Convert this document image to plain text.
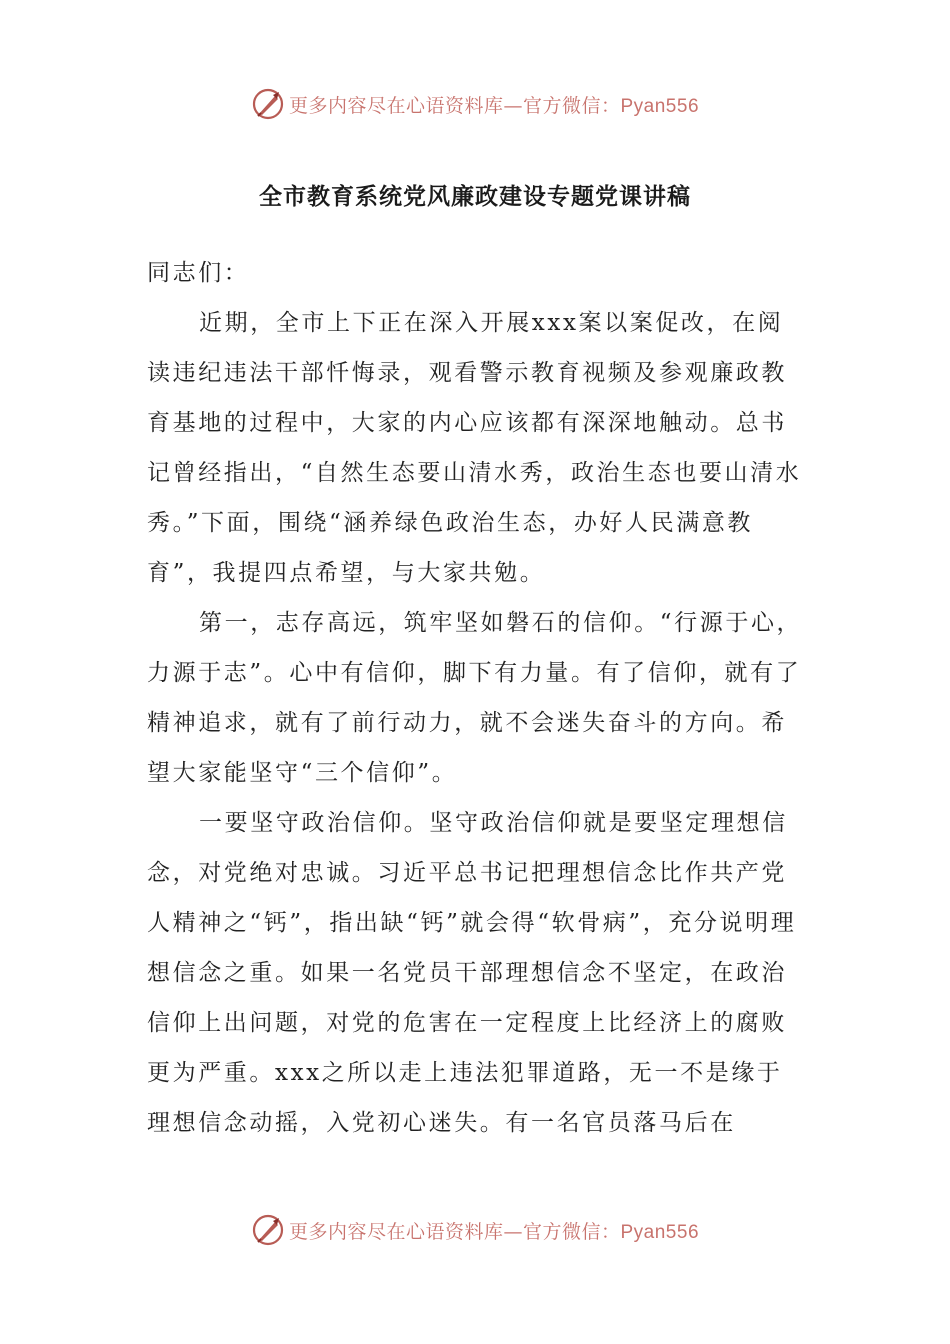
更多内容尽在心语资料库—官方微信：Pyan556
全市教育系统党风廉政建设专题党课讲稿

同志们：

近期，全市上下正在深入开展xxx案以案促改，在阅读违纪违法干部忏悔录，观看警示教育视频及参观廉政教育基地的过程中，大家的内心应该都有深深地触动。总书记曾经指出，“自然生态要山清水秀，政治生态也要山清水秀。”下面，围绕“涵养绿色政治生态，办好人民满意教育”，我提四点希望，与大家共勉。

第一，志存高远，筑牢坚如磐石的信仰。“行源于心，力源于志”。心中有信仰，脚下有力量。有了信仰，就有了精神追求，就有了前行动力，就不会迷失奋斗的方向。希望大家能坚守“三个信仰”。

一要坚守政治信仰。坚守政治信仰就是要坚定理想信念，对党绝对忠诚。习近平总书记把理想信念比作共产党人精神之“钙”，指出缺“钙”就会得“软骨病”，充分说明理想信念之重。如果一名党员干部理想信念不坚定，在政治信仰上出问题，对党的危害在一定程度上比经济上的腐败更为严重。xxx之所以走上违法犯罪道路，无一不是缘于理想信念动摇，入党初心迷失。有一名官员落马后在

更多内容尽在心语资料库—官方微信：Pyan556
